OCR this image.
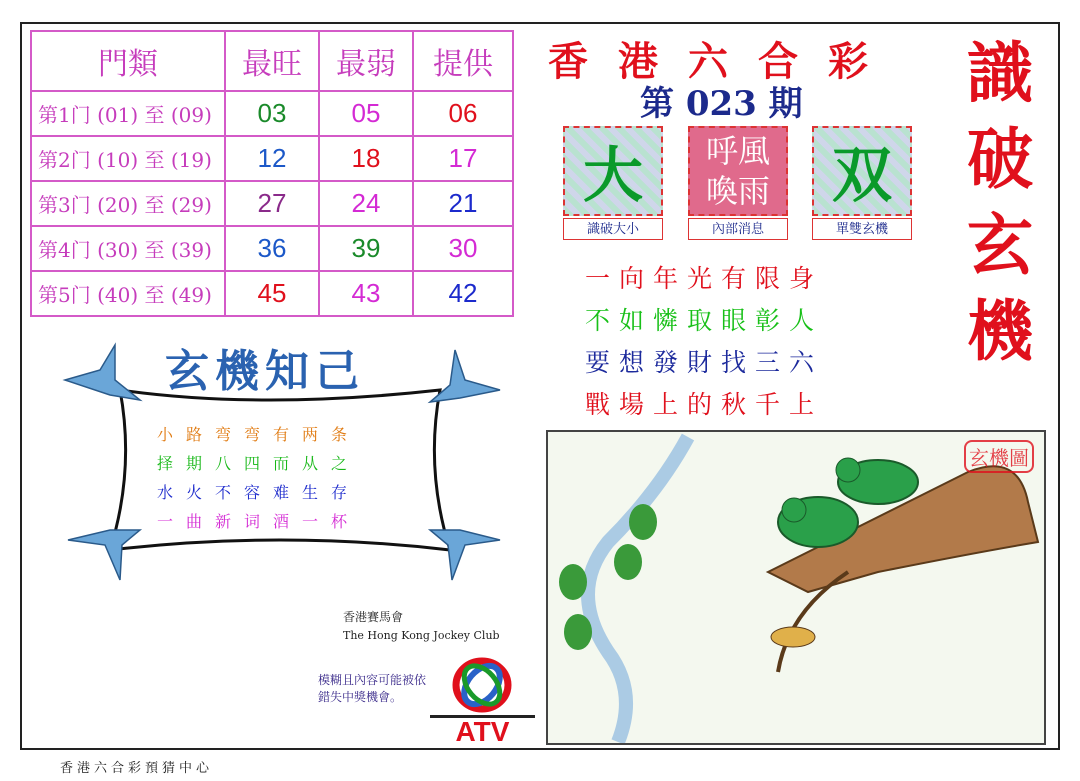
門類	最旺	最弱	提供
第1门 (01) 至 (09)	03	05	06
第2门 (10) 至 (19)	12	18	17
第3门 (20) 至 (29)	27	24	21
第4门 (30) 至 (39)	36	39	30
第5门 (40) 至 (49)	45	43	42
香港六合彩
第 023 期 識
破
玄
機
大
識破大小
呼風
喚雨
內部消息
双
單雙玄機
一向年光有限身
不如憐取眼彰人
要想發財找三六
戰場上的秋千上
玄機知己
小路弯弯有两条
择期八四而从之
水火不容难生存
一曲新词酒一杯
香港賽馬會
The Hong Kong Jockey Club
模糊且內容可能被依
錯失中獎機會。
ATV
玄機圖
香港六合彩預猜中心
